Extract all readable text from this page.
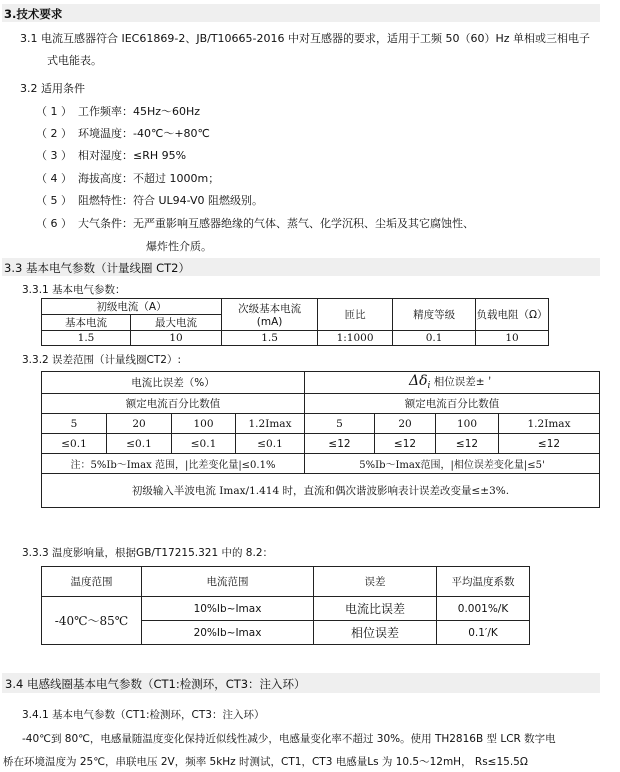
3.技术要求
3.1 电流互感器符合 IEC61869-2、JB/T10665-2016 中对互感器的要求，适用于工频 50（60）Hz 单相或三相电子
式电能表。
3.2 适用条件
（ 1 ） 工作频率：45Hz～60Hz
（ 2 ） 环境温度：-40℃～+80℃
（ 3 ） 相对湿度：≤RH 95%
（ 4 ） 海拔高度：不超过 1000m；
（ 5 ） 阻燃特性：符合 UL94-V0 阻燃级别。
（ 6 ） 大气条件：无严重影响互感器绝缘的气体、蒸气、化学沉积、尘垢及其它腐蚀性、
爆炸性介质。
3.3 基本电气参数（计量线圈 CT2）
3.3.1 基本电气参数：
初级电流（A）		次级基本电流
(mA)	匝比	精度等级	负载电阻（Ω）
基本电流	最大电流				
1.5	10	1.5	1:1000	0.1	10
3.3.2 误差范围（计量线圈CT2）:
电流比误差（%）				$\Delta\delta_i$ 相位误差±＇			
额定电流百分比数值				额定电流百分比数值			
5	20	100	1.2Imax	5	20	100	1.2Imax
≤0.1	≤0.1	≤0.1	≤0.1	≤12	≤12	≤12	≤12
注：5%Ib～Imax 范围，|比差变化量|≤0.1%				5%Ib～Imax范围，|相位误差变化量|≤5'			
初级输入半波电流 Imax/1.414 时，直流和偶次谐波影响表计误差改变量≤±3%.							
3.3.3 温度影响量，根据GB/T17215.321 中的 8.2：
温度范围	电流范围	误差	平均温度系数
-40℃～85℃	10%Ib~Imax	电流比误差	0.001%/K
	20%Ib~Imax	相位误差	0.1′/K
3.4 电感线圈基本电气参数（CT1:检测环，CT3：注入环）
3.4.1 基本电气参数（CT1:检测环，CT3：注入环）
-40℃到 80℃，电感量随温度变化保持近似线性减少，电感量变化率不超过 30%。使用 TH2816B 型 LCR 数字电
桥在环境温度为 25℃，串联电压 2V，频率 5kHz 时测试，CT1，CT3 电感量Ls 为 10.5～12mH， Rs≤15.5Ω
